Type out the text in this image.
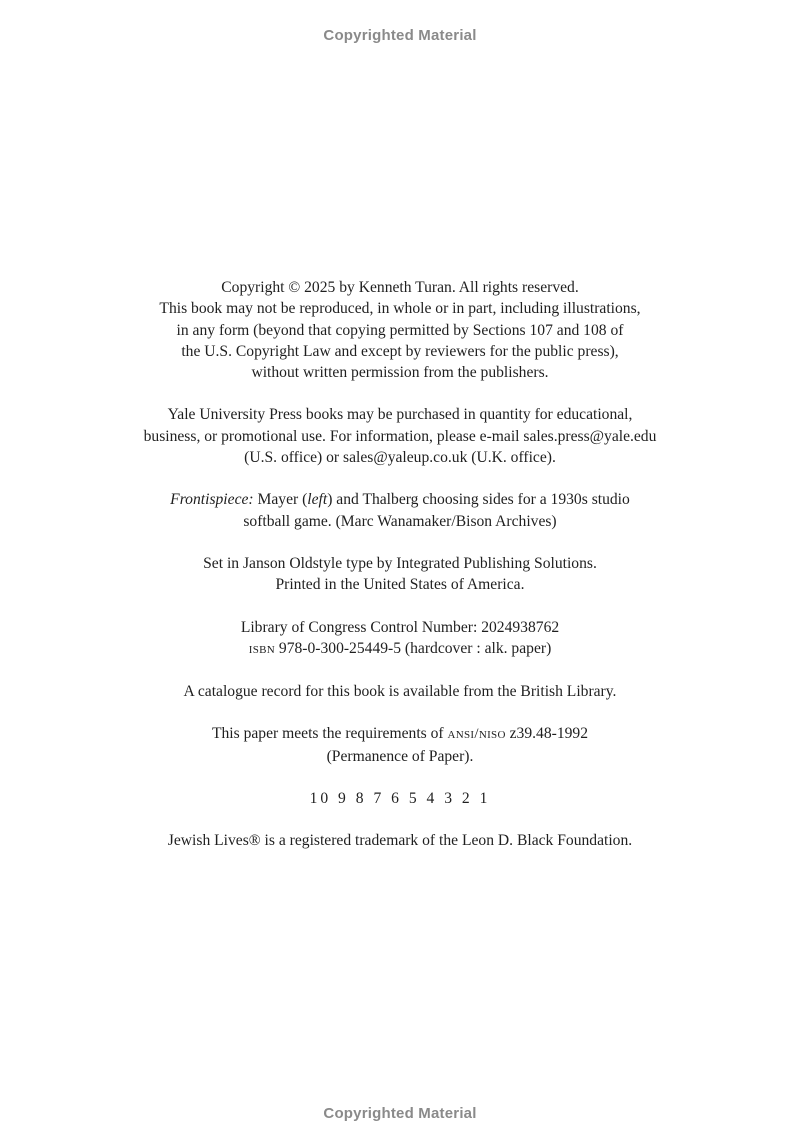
Copyrighted Material
Copyright © 2025 by Kenneth Turan. All rights reserved.
This book may not be reproduced, in whole or in part, including illustrations,
in any form (beyond that copying permitted by Sections 107 and 108 of
the U.S. Copyright Law and except by reviewers for the public press),
without written permission from the publishers.
Yale University Press books may be purchased in quantity for educational,
business, or promotional use. For information, please e-mail sales.press@yale.edu
(U.S. office) or sales@yaleup.co.uk (U.K. office).
Frontispiece: Mayer (left) and Thalberg choosing sides for a 1930s studio
softball game. (Marc Wanamaker/Bison Archives)
Set in Janson Oldstyle type by Integrated Publishing Solutions.
Printed in the United States of America.
Library of Congress Control Number: 2024938762
isbn 978-0-300-25449-5 (hardcover : alk. paper)
A catalogue record for this book is available from the British Library.
This paper meets the requirements of ansi/niso z39.48-1992
(Permanence of Paper).
10 9 8 7 6 5 4 3 2 1
Jewish Lives® is a registered trademark of the Leon D. Black Foundation.
Copyrighted Material
